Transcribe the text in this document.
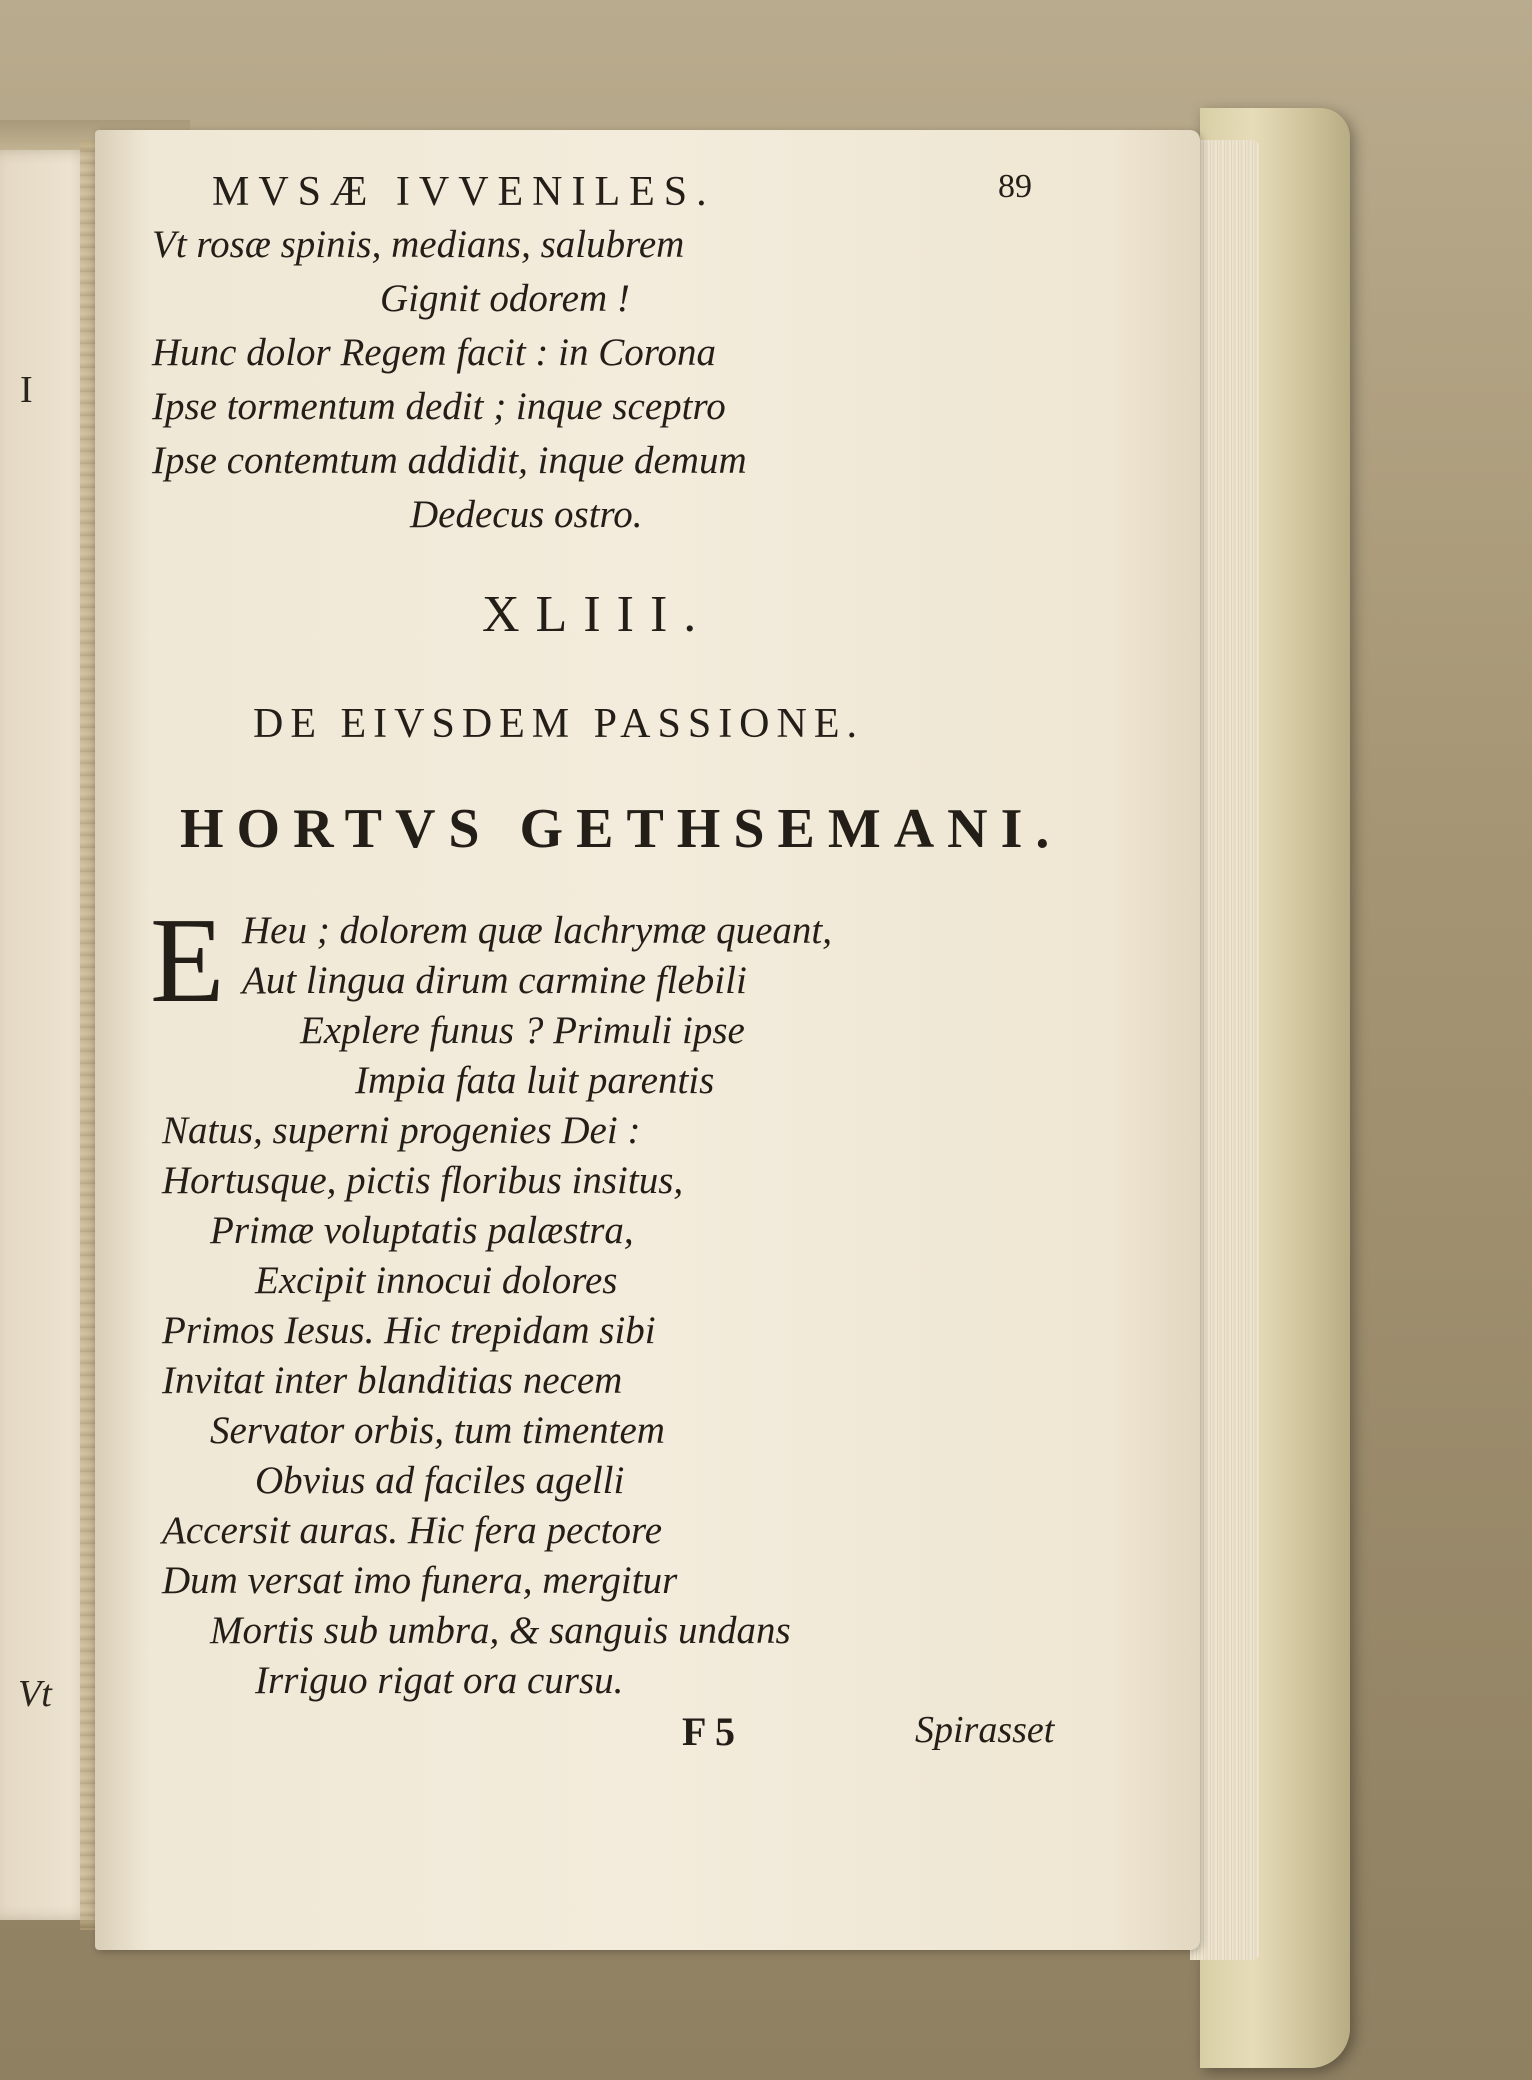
I
Vt
MVSÆ IVVENILES.	89
Vt rosæ spinis, medians, salubrem
Gignit odorem !
Hunc dolor Regem facit : in Corona
Ipse tormentum dedit ; inque sceptro
Ipse contemtum addidit, inque demum
Dedecus ostro.
XLIII.
DE EIVSDEM PASSIONE.
HORTVS GETHSEMANI.
E Heu ; dolorem quæ lachrymæ queant,
Aut lingua dirum carmine flebili
Explere funus ? Primuli ipse
Impia fata luit parentis
Natus, superni progenies Dei :
Hortusque, pictis floribus insitus,
Primæ voluptatis palæstra,
Excipit innocui dolores
Primos Iesus. Hic trepidam sibi
Invitat inter blanditias necem
Servator orbis, tum timentem
Obvius ad faciles agelli
Accersit auras. Hic fera pectore
Dum versat imo funera, mergitur
Mortis sub umbra, & sanguis undans
Irriguo rigat ora cursu.
F 5	Spirasset
